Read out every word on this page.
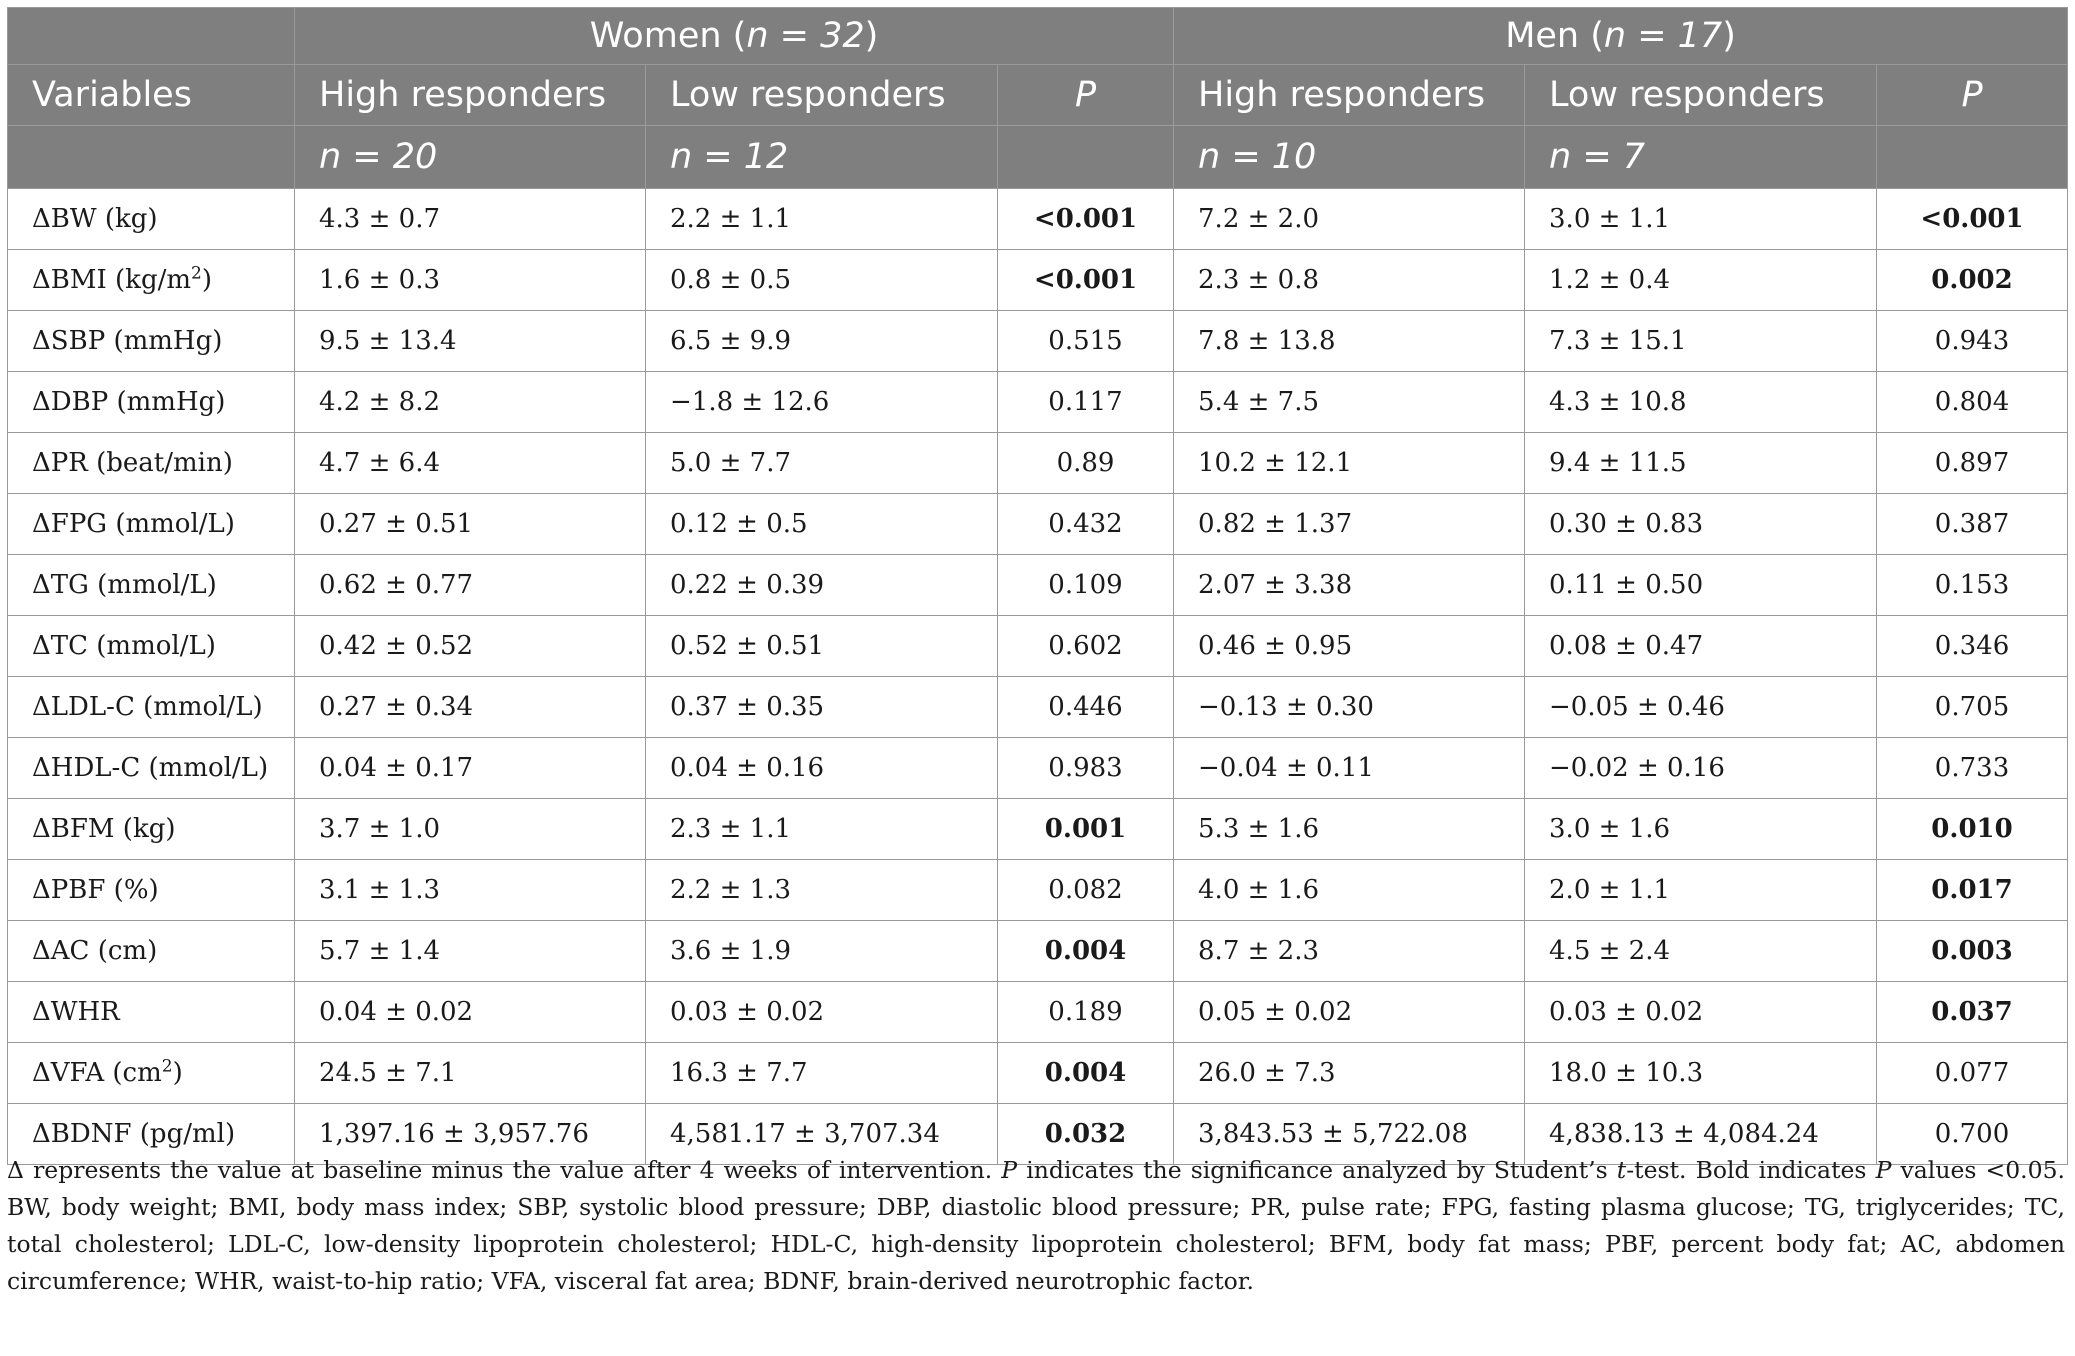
	Women (n = 32)			Men (n = 17)		
Variables	High responders	Low responders	P	High responders	Low responders	P
	n = 20	n = 12		n = 10	n = 7	
ΔBW (kg)	4.3 ± 0.7	2.2 ± 1.1	<0.001	7.2 ± 2.0	3.0 ± 1.1	<0.001
ΔBMI $(kg/m^2)$	1.6 ± 0.3	0.8 ± 0.5	<0.001	2.3 ± 0.8	1.2 ± 0.4	0.002
ΔSBP (mmHg)	9.5 ± 13.4	6.5 ± 9.9	0.515	7.8 ± 13.8	7.3 ± 15.1	0.943
ΔDBP (mmHg)	4.2 ± 8.2	−1.8 ± 12.6	0.117	5.4 ± 7.5	4.3 ± 10.8	0.804
ΔPR (beat/min)	4.7 ± 6.4	5.0 ± 7.7	0.89	10.2 ± 12.1	9.4 ± 11.5	0.897
ΔFPG (mmol/L)	0.27 ± 0.51	0.12 ± 0.5	0.432	0.82 ± 1.37	0.30 ± 0.83	0.387
ΔTG (mmol/L)	0.62 ± 0.77	0.22 ± 0.39	0.109	2.07 ± 3.38	0.11 ± 0.50	0.153
ΔTC (mmol/L)	0.42 ± 0.52	0.52 ± 0.51	0.602	0.46 ± 0.95	0.08 ± 0.47	0.346
ΔLDL-C (mmol/L)	0.27 ± 0.34	0.37 ± 0.35	0.446	−0.13 ± 0.30	−0.05 ± 0.46	0.705
ΔHDL-C (mmol/L)	0.04 ± 0.17	0.04 ± 0.16	0.983	−0.04 ± 0.11	−0.02 ± 0.16	0.733
ΔBFM (kg)	3.7 ± 1.0	2.3 ± 1.1	0.001	5.3 ± 1.6	3.0 ± 1.6	0.010
ΔPBF (%)	3.1 ± 1.3	2.2 ± 1.3	0.082	4.0 ± 1.6	2.0 ± 1.1	0.017
ΔAC (cm)	5.7 ± 1.4	3.6 ± 1.9	0.004	8.7 ± 2.3	4.5 ± 2.4	0.003
ΔWHR	0.04 ± 0.02	0.03 ± 0.02	0.189	0.05 ± 0.02	0.03 ± 0.02	0.037
ΔVFA $(cm^2)$	24.5 ± 7.1	16.3 ± 7.7	0.004	26.0 ± 7.3	18.0 ± 10.3	0.077
ΔBDNF (pg/ml)	1,397.16 ± 3,957.76	4,581.17 ± 3,707.34	0.032	3,843.53 ± 5,722.08	4,838.13 ± 4,084.24	0.700

Δ represents the value at baseline minus the value after 4 weeks of intervention. P indicates the significance analyzed by Student’s t-test. Bold indicates P values <0.05. BW, body weight; BMI, body mass index; SBP, systolic blood pressure; DBP, diastolic blood pressure; PR, pulse rate; FPG, fasting plasma glucose; TG, triglycerides; TC, total cholesterol; LDL-C, low-density lipoprotein cholesterol; HDL-C, high-density lipoprotein cholesterol; BFM, body fat mass; PBF, percent body fat; AC, abdomen circumference; WHR, waist-to-hip ratio; VFA, visceral fat area; BDNF, brain-derived neurotrophic factor.
